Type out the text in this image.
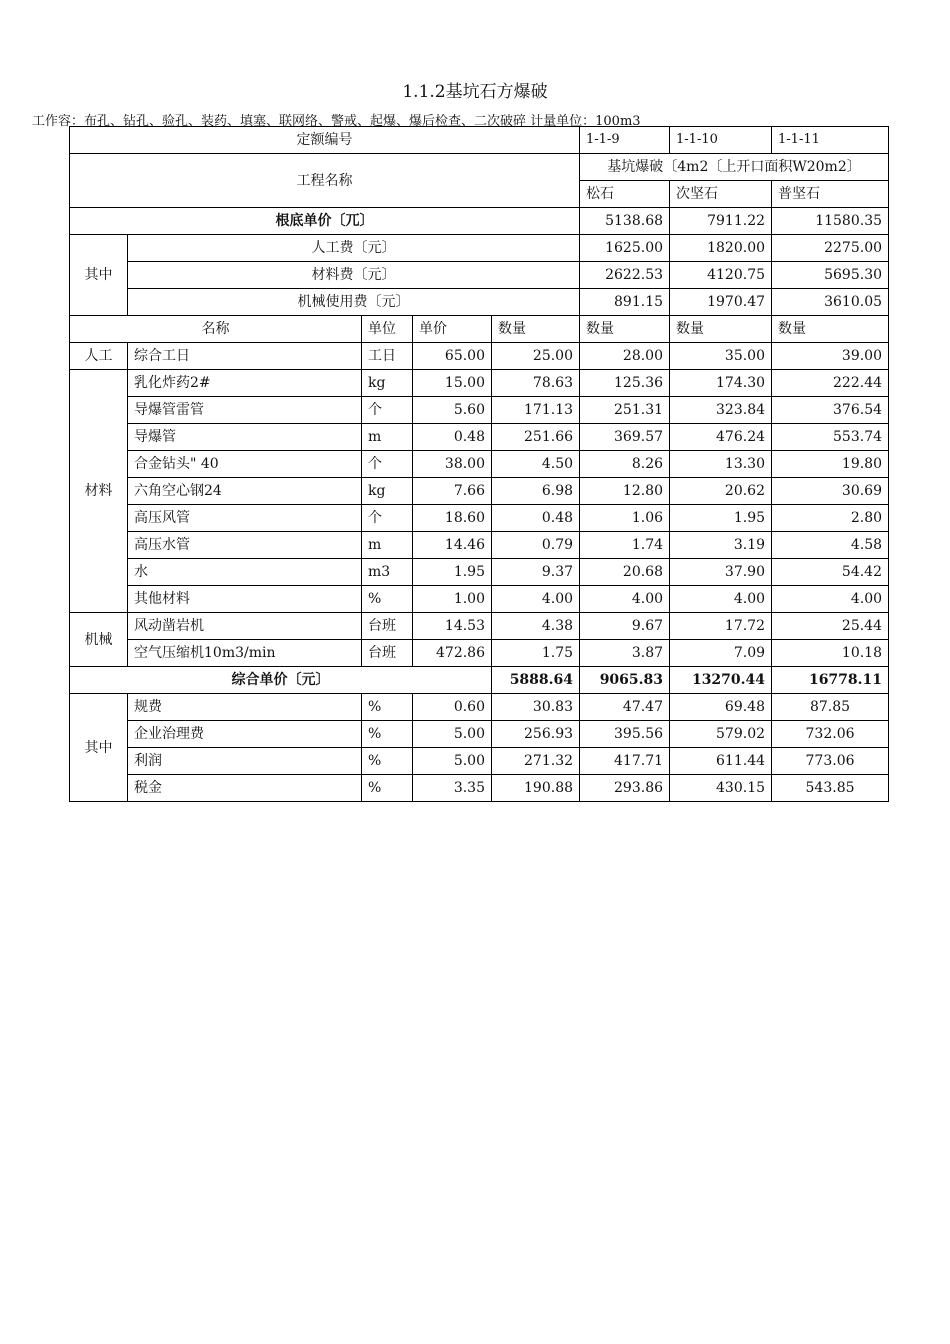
1.1.2基坑石方爆破
工作容：布孔、钻孔、验孔、装药、填塞、联网络、警戒、起爆、爆后检查、二次破碎 计量单位：100m3
定额编号					1-1-9	1-1-10	1-1-11	
工程名称					基坑爆破〔4m2〔上开口面积W20m2〕			
					松石	次坚石	普坚石	
根底单价〔兀〕					5138.68	7911.22	11580.35	
其中	人工费〔元〕				1625.00	1820.00	2275.00	
	材料费〔元〕				2622.53	4120.75	5695.30	
	机械使用费〔元〕				891.15	1970.47	3610.05	
名称		单位	单价	数量	数量	数量	数量	
人工	综合工日	工日	65.00	25.00	28.00	35.00	39.00	
材料	乳化炸药2#	kg	15.00	78.63	125.36	174.30	222.44	
	导爆管雷管	个	5.60	171.13	251.31	323.84	376.54	
	导爆管	m	0.48	251.66	369.57	476.24	553.74	
	合金钻头" 40	个	38.00	4.50	8.26	13.30	19.80	
	六角空心钢24	kg	7.66	6.98	12.80	20.62	30.69	
	高压风管	个	18.60	0.48	1.06	1.95	2.80	
	高压水管	m	14.46	0.79	1.74	3.19	4.58	
	水	m3	1.95	9.37	20.68	37.90	54.42	
	其他材料	%	1.00	4.00	4.00	4.00	4.00	
机械	风动凿岩机	台班	14.53	4.38	9.67	17.72	25.44	
	空气压缩机10m3/min	台班	472.86	1.75	3.87	7.09	10.18	
综合单价〔元〕				5888.64	9065.83	13270.44	16778.11	
其中	规费	%	0.60	30.83	47.47	69.48	87.85	
	企业治理费	%	5.00	256.93	395.56	579.02	732.06	
	利润	%	5.00	271.32	417.71	611.44	773.06	
	税金	%	3.35	190.88	293.86	430.15	543.85	
